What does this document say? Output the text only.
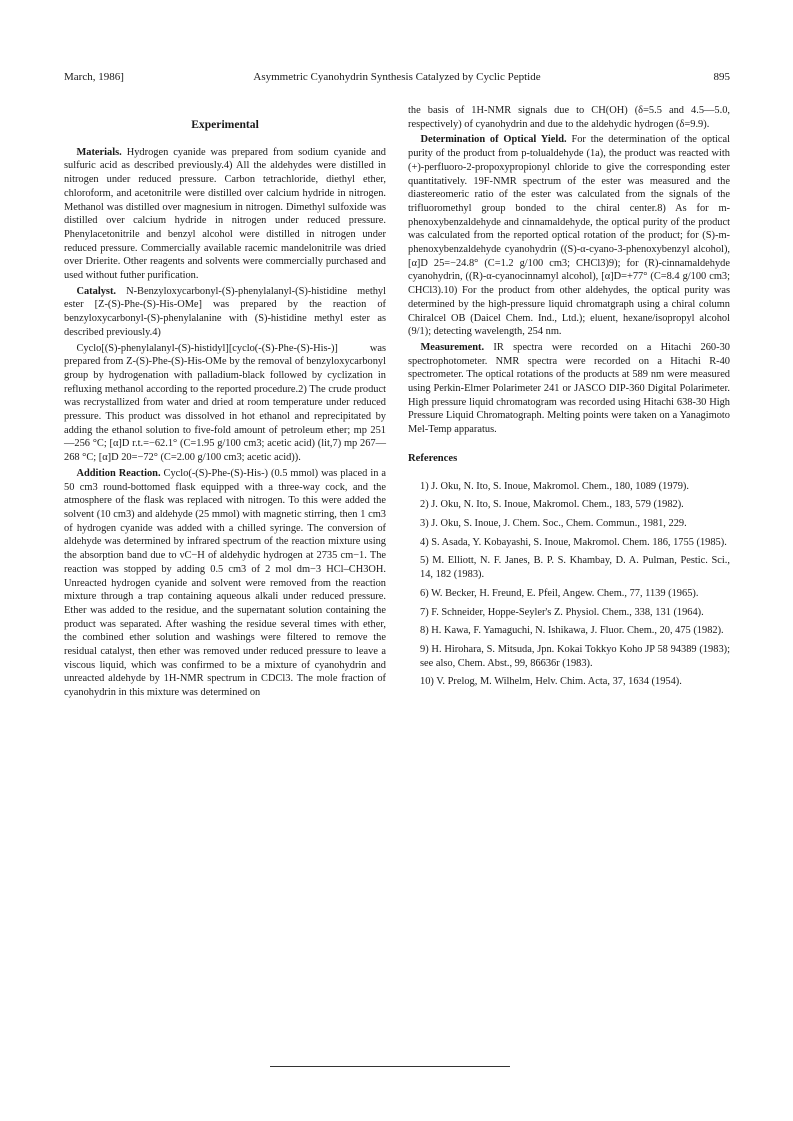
March, 1986]	Asymmetric Cyanohydrin Synthesis Catalyzed by Cyclic Peptide	895
Experimental

Materials. Hydrogen cyanide was prepared from sodium cyanide and sulfuric acid as described previously.4) All the aldehydes were distilled in nitrogen under reduced pressure. Carbon tetrachloride, diethyl ether, chloroform, and acetonitrile were distilled over calcium hydride in nitrogen. Methanol was distilled over magnesium in nitrogen. Dimethyl sulfoxide was distilled over calcium hydride in nitrogen under reduced pressure. Phenylacetonitrile and benzyl alcohol were distilled in nitrogen under reduced pressure. Commercially available racemic mandelonitrile was dried over Drierite. Other reagents and solvents were commercially purchased and used without futher purification.

Catalyst. N-Benzyloxycarbonyl-(S)-phenylalanyl-(S)-histidine methyl ester [Z-(S)-Phe-(S)-His-OMe] was prepared by the reaction of benzyloxycarbonyl-(S)-phenylalanine with (S)-histidine methyl ester as described previously.4)

Cyclo[(S)-phenylalanyl-(S)-histidyl][cyclo(-(S)-Phe-(S)-His-)] was prepared from Z-(S)-Phe-(S)-His-OMe by the removal of benzyloxycarbonyl group by hydrogenation with palladium-black followed by cyclization in refluxing methanol according to the reported procedure.2) The crude product was recrystallized from water and dried at room temperature under reduced pressure. This product was dissolved in hot ethanol and reprecipitated by adding the ethanol solution to five-fold amount of petroleum ether; mp 251—256 °C; [α]D r.t.=−62.1° (C=1.95 g/100 cm3; acetic acid) (lit,7) mp 267—268 °C; [α]D 20=−72° (C=2.00 g/100 cm3; acetic acid)).

Addition Reaction. Cyclo(-(S)-Phe-(S)-His-) (0.5 mmol) was placed in a 50 cm3 round-bottomed flask equipped with a three-way cock, and the atmosphere of the flask was replaced with nitrogen. To this were added the solvent (10 cm3) and aldehyde (25 mmol) with magnetic stirring, then 1 cm3 of hydrogen cyanide was added with a chilled syringe. The conversion of aldehyde was determined by infrared spectrum of the reaction mixture using the absorption band due to νC−H of aldehydic hydrogen at 2735 cm−1. The reaction was stopped by adding 0.5 cm3 of 2 mol dm−3 HCl–CH3OH. Unreacted hydrogen cyanide and solvent were removed from the reaction mixture through a trap containing aqueous alkali under reduced pressure. Ether was added to the residue, and the supernatant solution containing the product was separated. After washing the residue several times with ether, the combined ether solution and washings were filtered to remove the residual catalyst, then ether was removed under reduced pressure to leave a viscous liquid, which was confirmed to be a mixture of cyanohydrin and unreacted aldehyde by 1H-NMR spectrum in CDCl3. The mole fraction of cyanohydrin in this mixture was determined on

the basis of 1H-NMR signals due to CH(OH) (δ=5.5 and 4.5—5.0, respectively) of cyanohydrin and due to the aldehydic hydrogen (δ=9.9).

Determination of Optical Yield. For the determination of the optical purity of the product from p-tolualdehyde (1a), the product was reacted with (+)-perfluoro-2-propoxypropionyl chloride to give the corresponding ester quantitatively. 19F-NMR spectrum of the ester was measured and the diastereomeric ratio of the ester was calculated from the signals of the trifluoromethyl group bonded to the chiral center.8) As for m-phenoxybenzaldehyde and cinnamaldehyde, the optical purity of the product was calculated from the reported optical rotation of the product; for (S)-m-phenoxybenzaldehyde cyanohydrin ((S)-α-cyano-3-phenoxybenzyl alcohol), [α]D 25=−24.8° (C=1.2 g/100 cm3; CHCl3)9); for (R)-cinnamaldehyde cyanohydrin, ((R)-α-cyanocinnamyl alcohol), [α]D=+77° (C=8.4 g/100 cm3; CHCl3).10) For the product from other aldehydes, the optical purity was determined by the high-pressure liquid chromatgraph using a chiral column Chiralcel OB (Daicel Chem. Ind., Ltd.); eluent, hexane/isopropyl alcohol (9/1); detecting wavelength, 254 nm.

Measurement. IR spectra were recorded on a Hitachi 260-30 spectrophotometer. NMR spectra were recorded on a Hitachi R-40 spectrometer. The optical rotations of the products at 589 nm were measured using Perkin-Elmer Polarimeter 241 or JASCO DIP-360 Digital Polarimeter. High pressure liquid chromatogram was recorded using Hitachi 638-30 High Pressure Liquid Chromatograph. Melting points were taken on a Yanagimoto Mel-Temp apparatus.

References
1) J. Oku, N. Ito, S. Inoue, Makromol. Chem., 180, 1089 (1979).
2) J. Oku, N. Ito, S. Inoue, Makromol. Chem., 183, 579 (1982).
3) J. Oku, S. Inoue, J. Chem. Soc., Chem. Commun., 1981, 229.
4) S. Asada, Y. Kobayashi, S. Inoue, Makromol. Chem. 186, 1755 (1985).
5) M. Elliott, N. F. Janes, B. P. S. Khambay, D. A. Pulman, Pestic. Sci., 14, 182 (1983).
6) W. Becker, H. Freund, E. Pfeil, Angew. Chem., 77, 1139 (1965).
7) F. Schneider, Hoppe-Seyler's Z. Physiol. Chem., 338, 131 (1964).
8) H. Kawa, F. Yamaguchi, N. Ishikawa, J. Fluor. Chem., 20, 475 (1982).
9) H. Hirohara, S. Mitsuda, Jpn. Kokai Tokkyo Koho JP 58 94389 (1983); see also, Chem. Abst., 99, 86636r (1983).
10) V. Prelog, M. Wilhelm, Helv. Chim. Acta, 37, 1634 (1954).
